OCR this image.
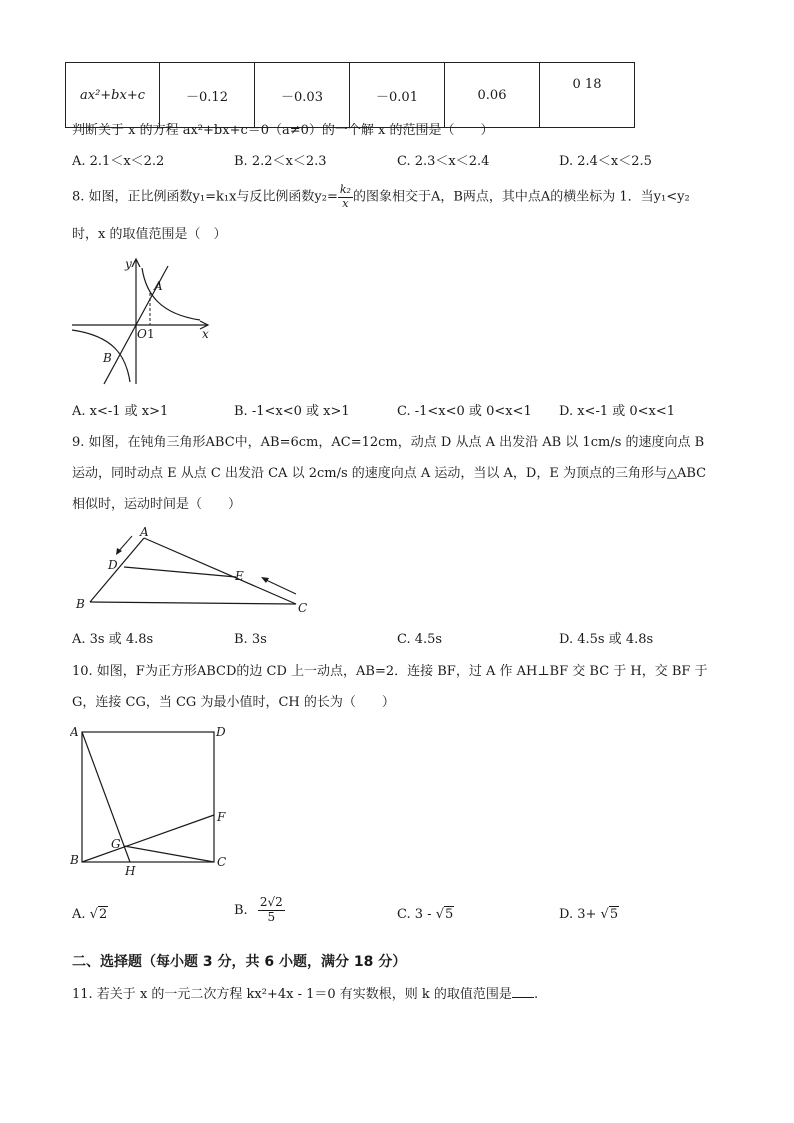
ax²+bx+c	－0.12	－0.03	－0.01	0.06	0 18
判断关于 x 的方程 ax²+bx+c＝0（a≠0）的一个解 x 的范围是（　　）
A. 2.1＜x＜2.2	B. 2.2＜x＜2.3	C. 2.3＜x＜2.4	D. 2.4＜x＜2.5
8. 如图，正比例函数y₁=k₁x与反比例函数$y_2= \frac{\text{k₂}}{x}$ 的图象相交于A，B两点，其中点A的横坐标为 1．当y₁<y₂
时，x 的取值范围是（　）
y
x
A
B
O 1
A. x<-1 或 x>1	B. -1<x<0 或 x>1	C. -1<x<0 或 0<x<1 D. x<-1 或 0<x<1
9. 如图，在钝角三角形ABC中，AB=6cm，AC=12cm，动点 D 从点 A 出发沿 AB 以 1cm/s 的速度向点 B
运动，同时动点 E 从点 C 出发沿 CA 以 2cm/s 的速度向点 A 运动，当以 A，D，E 为顶点的三角形与△ABC
相似时，运动时间是（　　）
A
B	C
D
E
A. 3s 或 4.8s	B. 3s	C. 4.5s	D. 4.5s 或 4.8s
10. 如图，F为正方形ABCD的边 CD 上一动点，AB=2．连接 BF，过 A 作 AH⊥BF 交 BC 于 H，交 BF 于
G，连接 CG，当 CG 为最小值时，CH 的长为（　　）
A	D
B	C
F
G
H
A. √2	B. $\frac{2√2}{5}$	C. 3 - √5	D. 3+ √5
二、选择题（每小题 3 分，共 6 小题，满分 18 分）
11. 若关于 x 的一元二次方程 kx²+4x - 1＝0 有实数根，则 k 的取值范围是 .
